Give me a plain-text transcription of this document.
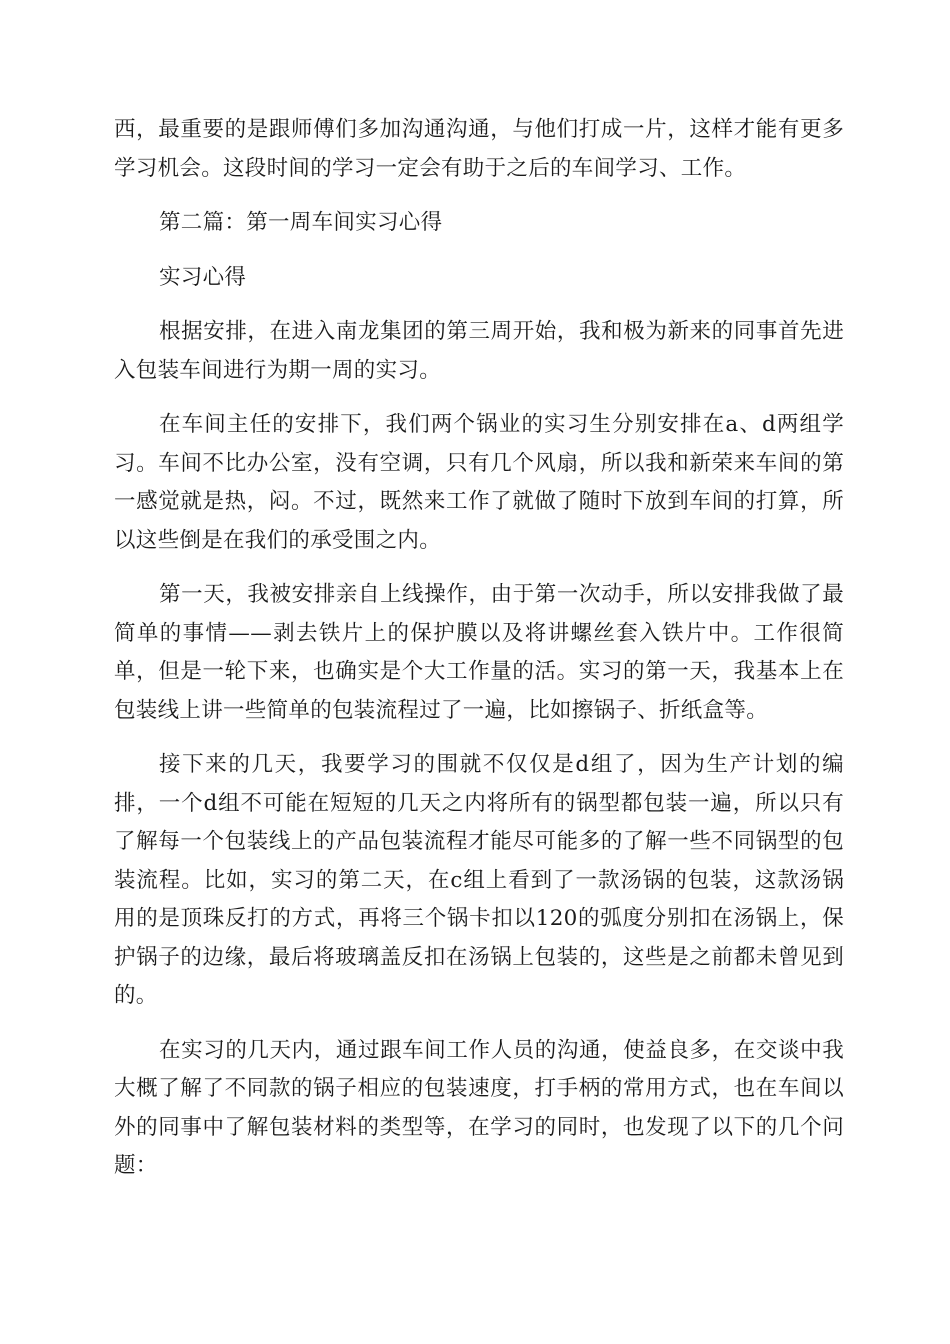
西，最重要的是跟师傅们多加沟通沟通，与他们打成一片，这样才能有更多学习机会。这段时间的学习一定会有助于之后的车间学习、工作。

第二篇：第一周车间实习心得

实习心得

根据安排，在进入南龙集团的第三周开始，我和极为新来的同事首先进入包装车间进行为期一周的实习。

在车间主任的安排下，我们两个锅业的实习生分别安排在a、d两组学习。车间不比办公室，没有空调，只有几个风扇，所以我和新荣来车间的第一感觉就是热，闷。不过，既然来工作了就做了随时下放到车间的打算，所以这些倒是在我们的承受围之内。

第一天，我被安排亲自上线操作，由于第一次动手，所以安排我做了最简单的事情——剥去铁片上的保护膜以及将讲螺丝套入铁片中。工作很简单，但是一轮下来，也确实是个大工作量的活。实习的第一天，我基本上在包装线上讲一些简单的包装流程过了一遍，比如擦锅子、折纸盒等。

接下来的几天，我要学习的围就不仅仅是d组了，因为生产计划的编排，一个d组不可能在短短的几天之内将所有的锅型都包装一遍，所以只有了解每一个包装线上的产品包装流程才能尽可能多的了解一些不同锅型的包装流程。比如，实习的第二天，在c组上看到了一款汤锅的包装，这款汤锅用的是顶珠反打的方式，再将三个锅卡扣以120的弧度分别扣在汤锅上，保护锅子的边缘，最后将玻璃盖反扣在汤锅上包装的，这些是之前都未曾见到的。

在实习的几天内，通过跟车间工作人员的沟通，使益良多，在交谈中我大概了解了不同款的锅子相应的包装速度，打手柄的常用方式，也在车间以外的同事中了解包装材料的类型等，在学习的同时，也发现了以下的几个问题：
